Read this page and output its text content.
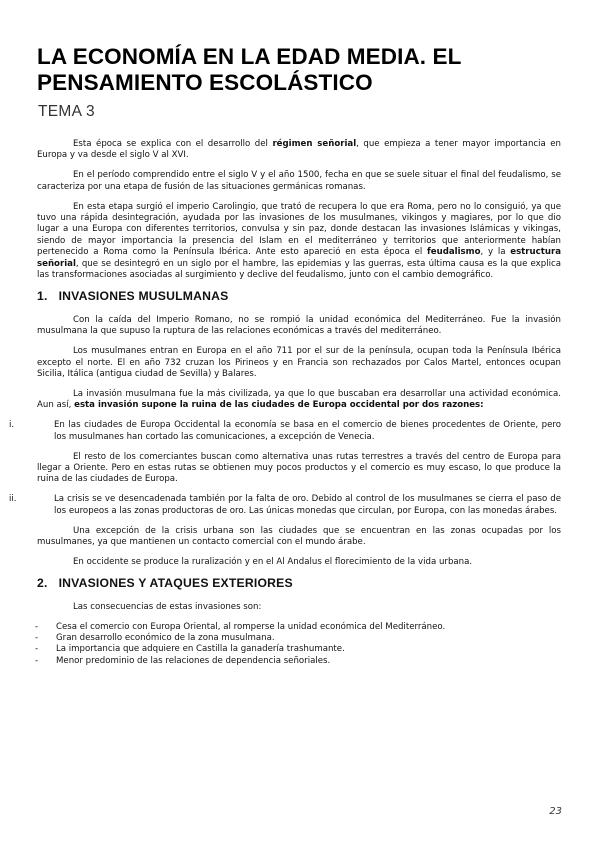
LA ECONOMÍA EN LA EDAD MEDIA. EL PENSAMIENTO ESCOLÁSTICO
TEMA 3

Esta época se explica con el desarrollo del régimen señorial, que empieza a tener mayor importancia en Europa y va desde el siglo V al XVI.

En el período comprendido entre el siglo V y el año 1500, fecha en que se suele situar el final del feudalismo, se caracteriza por una etapa de fusión de las situaciones germánicas romanas.

En esta etapa surgió el imperio Carolingio, que trató de recupera lo que era Roma, pero no lo consiguió, ya que tuvo una rápida desintegración, ayudada por las invasiones de los musulmanes, vikingos y magiares, por lo que dio lugar a una Europa con diferentes territorios, convulsa y sin paz, donde destacan las invasiones Islámicas y vikingas, siendo de mayor importancia la presencia del Islam en el mediterráneo y territorios que anteriormente habían pertenecido a Roma como la Península Ibérica. Ante esto apareció en esta época el feudalismo, y la estructura señorial, que se desintegró en un siglo por el hambre, las epidemias y las guerras, esta última causa es la que explica las transformaciones asociadas al surgimiento y declive del feudalismo, junto con el cambio demográfico.

1. INVASIONES MUSULMANAS

Con la caída del Imperio Romano, no se rompió la unidad económica del Mediterráneo. Fue la invasión musulmana la que supuso la ruptura de las relaciones económicas a través del mediterráneo.

Los musulmanes entran en Europa en el año 711 por el sur de la península, ocupan toda la Península Ibérica excepto el norte. El en año 732 cruzan los Pirineos y en Francia son rechazados por Calos Martel, entonces ocupan Sicilia, Itálica (antigua ciudad de Sevilla) y Balares.

La invasión musulmana fue la más civilizada, ya que lo que buscaban era desarrollar una actividad económica. Aun así, esta invasión supone la ruina de las ciudades de Europa occidental por dos razones:

i.	En las ciudades de Europa Occidental la economía se basa en el comercio de bienes procedentes de Oriente, pero los musulmanes han cortado las comunicaciones, a excepción de Venecia.

El resto de los comerciantes buscan como alternativa unas rutas terrestres a través del centro de Europa para llegar a Oriente. Pero en estas rutas se obtienen muy pocos productos y el comercio es muy escaso, lo que produce la ruina de las ciudades de Europa.

ii.	La crisis se ve desencadenada también por la falta de oro. Debido al control de los musulmanes se cierra el paso de los europeos a las zonas productoras de oro. Las únicas monedas que circulan, por Europa, con las monedas árabes.

Una excepción de la crisis urbana son las ciudades que se encuentran en las zonas ocupadas por los musulmanes, ya que mantienen un contacto comercial con el mundo árabe.

En occidente se produce la ruralización y en el Al Andalus el florecimiento de la vida urbana.

2. INVASIONES Y ATAQUES EXTERIORES

Las consecuencias de estas invasiones son:

- Cesa el comercio con Europa Oriental, al romperse la unidad económica del Mediterráneo.
- Gran desarrollo económico de la zona musulmana.
- La importancia que adquiere en Castilla la ganadería trashumante.
- Menor predominio de las relaciones de dependencia señoriales.
23
